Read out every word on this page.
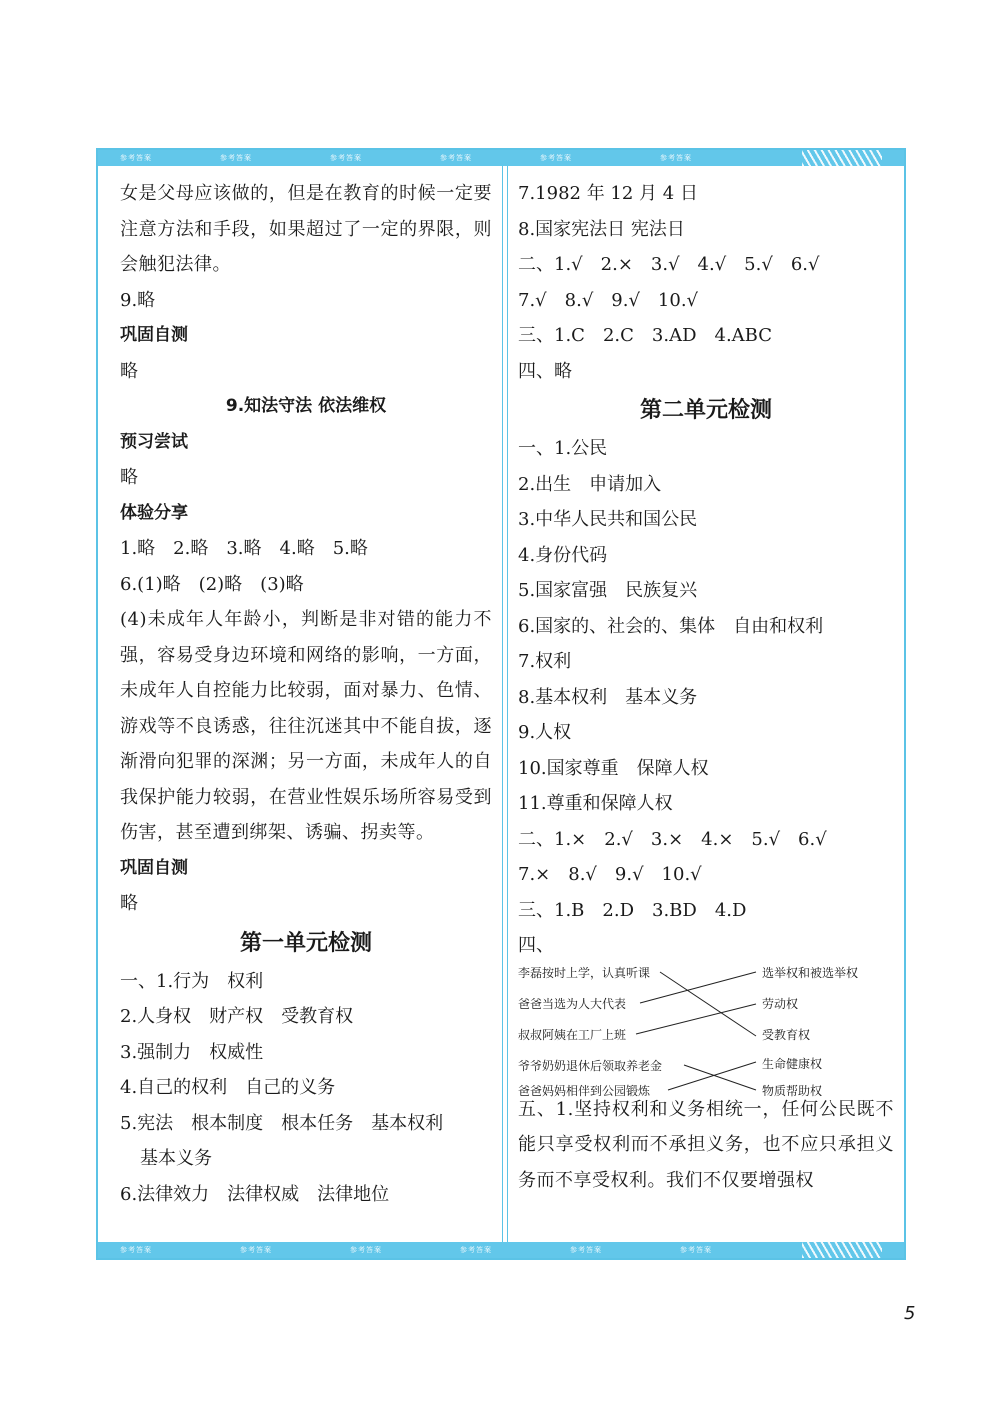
参考答案	参考答案	参考答案	参考答案	参考答案	参考答案
女是父母应该做的，但是在教育的时候一定要注意方法和手段，如果超过了一定的界限，则会触犯法律。
9.略
巩固自测
略
9.知法守法 依法维权
预习尝试
略
体验分享
1.略　2.略　3.略　4.略　5.略
6.(1)略　(2)略　(3)略
(4)未成年人年龄小，判断是非对错的能力不强，容易受身边环境和网络的影响，一方面，未成年人自控能力比较弱，面对暴力、色情、游戏等不良诱惑，往往沉迷其中不能自拔，逐渐滑向犯罪的深渊；另一方面，未成年人的自我保护能力较弱，在营业性娱乐场所容易受到伤害，甚至遭到绑架、诱骗、拐卖等。
巩固自测
略
第一单元检测
一、1.行为　权利
2.人身权　财产权　受教育权
3.强制力　权威性
4.自己的权利　自己的义务
5.宪法　根本制度　根本任务　基本权利
基本义务
6.法律效力　法律权威　法律地位
7.1982 年 12 月 4 日
8.国家宪法日 宪法日
二、1.√　2.×　3.√　4.√　5.√　6.√
7.√　8.√　9.√　10.√
三、1.C　2.C　3.AD　4.ABC
四、略
第二单元检测
一、1.公民
2.出生　申请加入
3.中华人民共和国公民
4.身份代码
5.国家富强　民族复兴
6.国家的、社会的、集体　自由和权利
7.权利
8.基本权利　基本义务
9.人权
10.国家尊重　保障人权
11.尊重和保障人权
二、1.×　2.√　3.×　4.×　5.√　6.√
7.×　8.√　9.√　10.√
三、1.B　2.D　3.BD　4.D
四、
李磊按时上学，认真听课
爸爸当选为人大代表
叔叔阿姨在工厂上班
爷爷奶奶退休后领取养老金
爸爸妈妈相伴到公园锻炼
选举权和被选举权
劳动权
受教育权
生命健康权
物质帮助权
五、1.坚持权利和义务相统一，任何公民既不能只享受权利而不承担义务，也不应只承担义务而不享受权利。我们不仅要增强权
参考答案	参考答案	参考答案	参考答案	参考答案	参考答案
5
